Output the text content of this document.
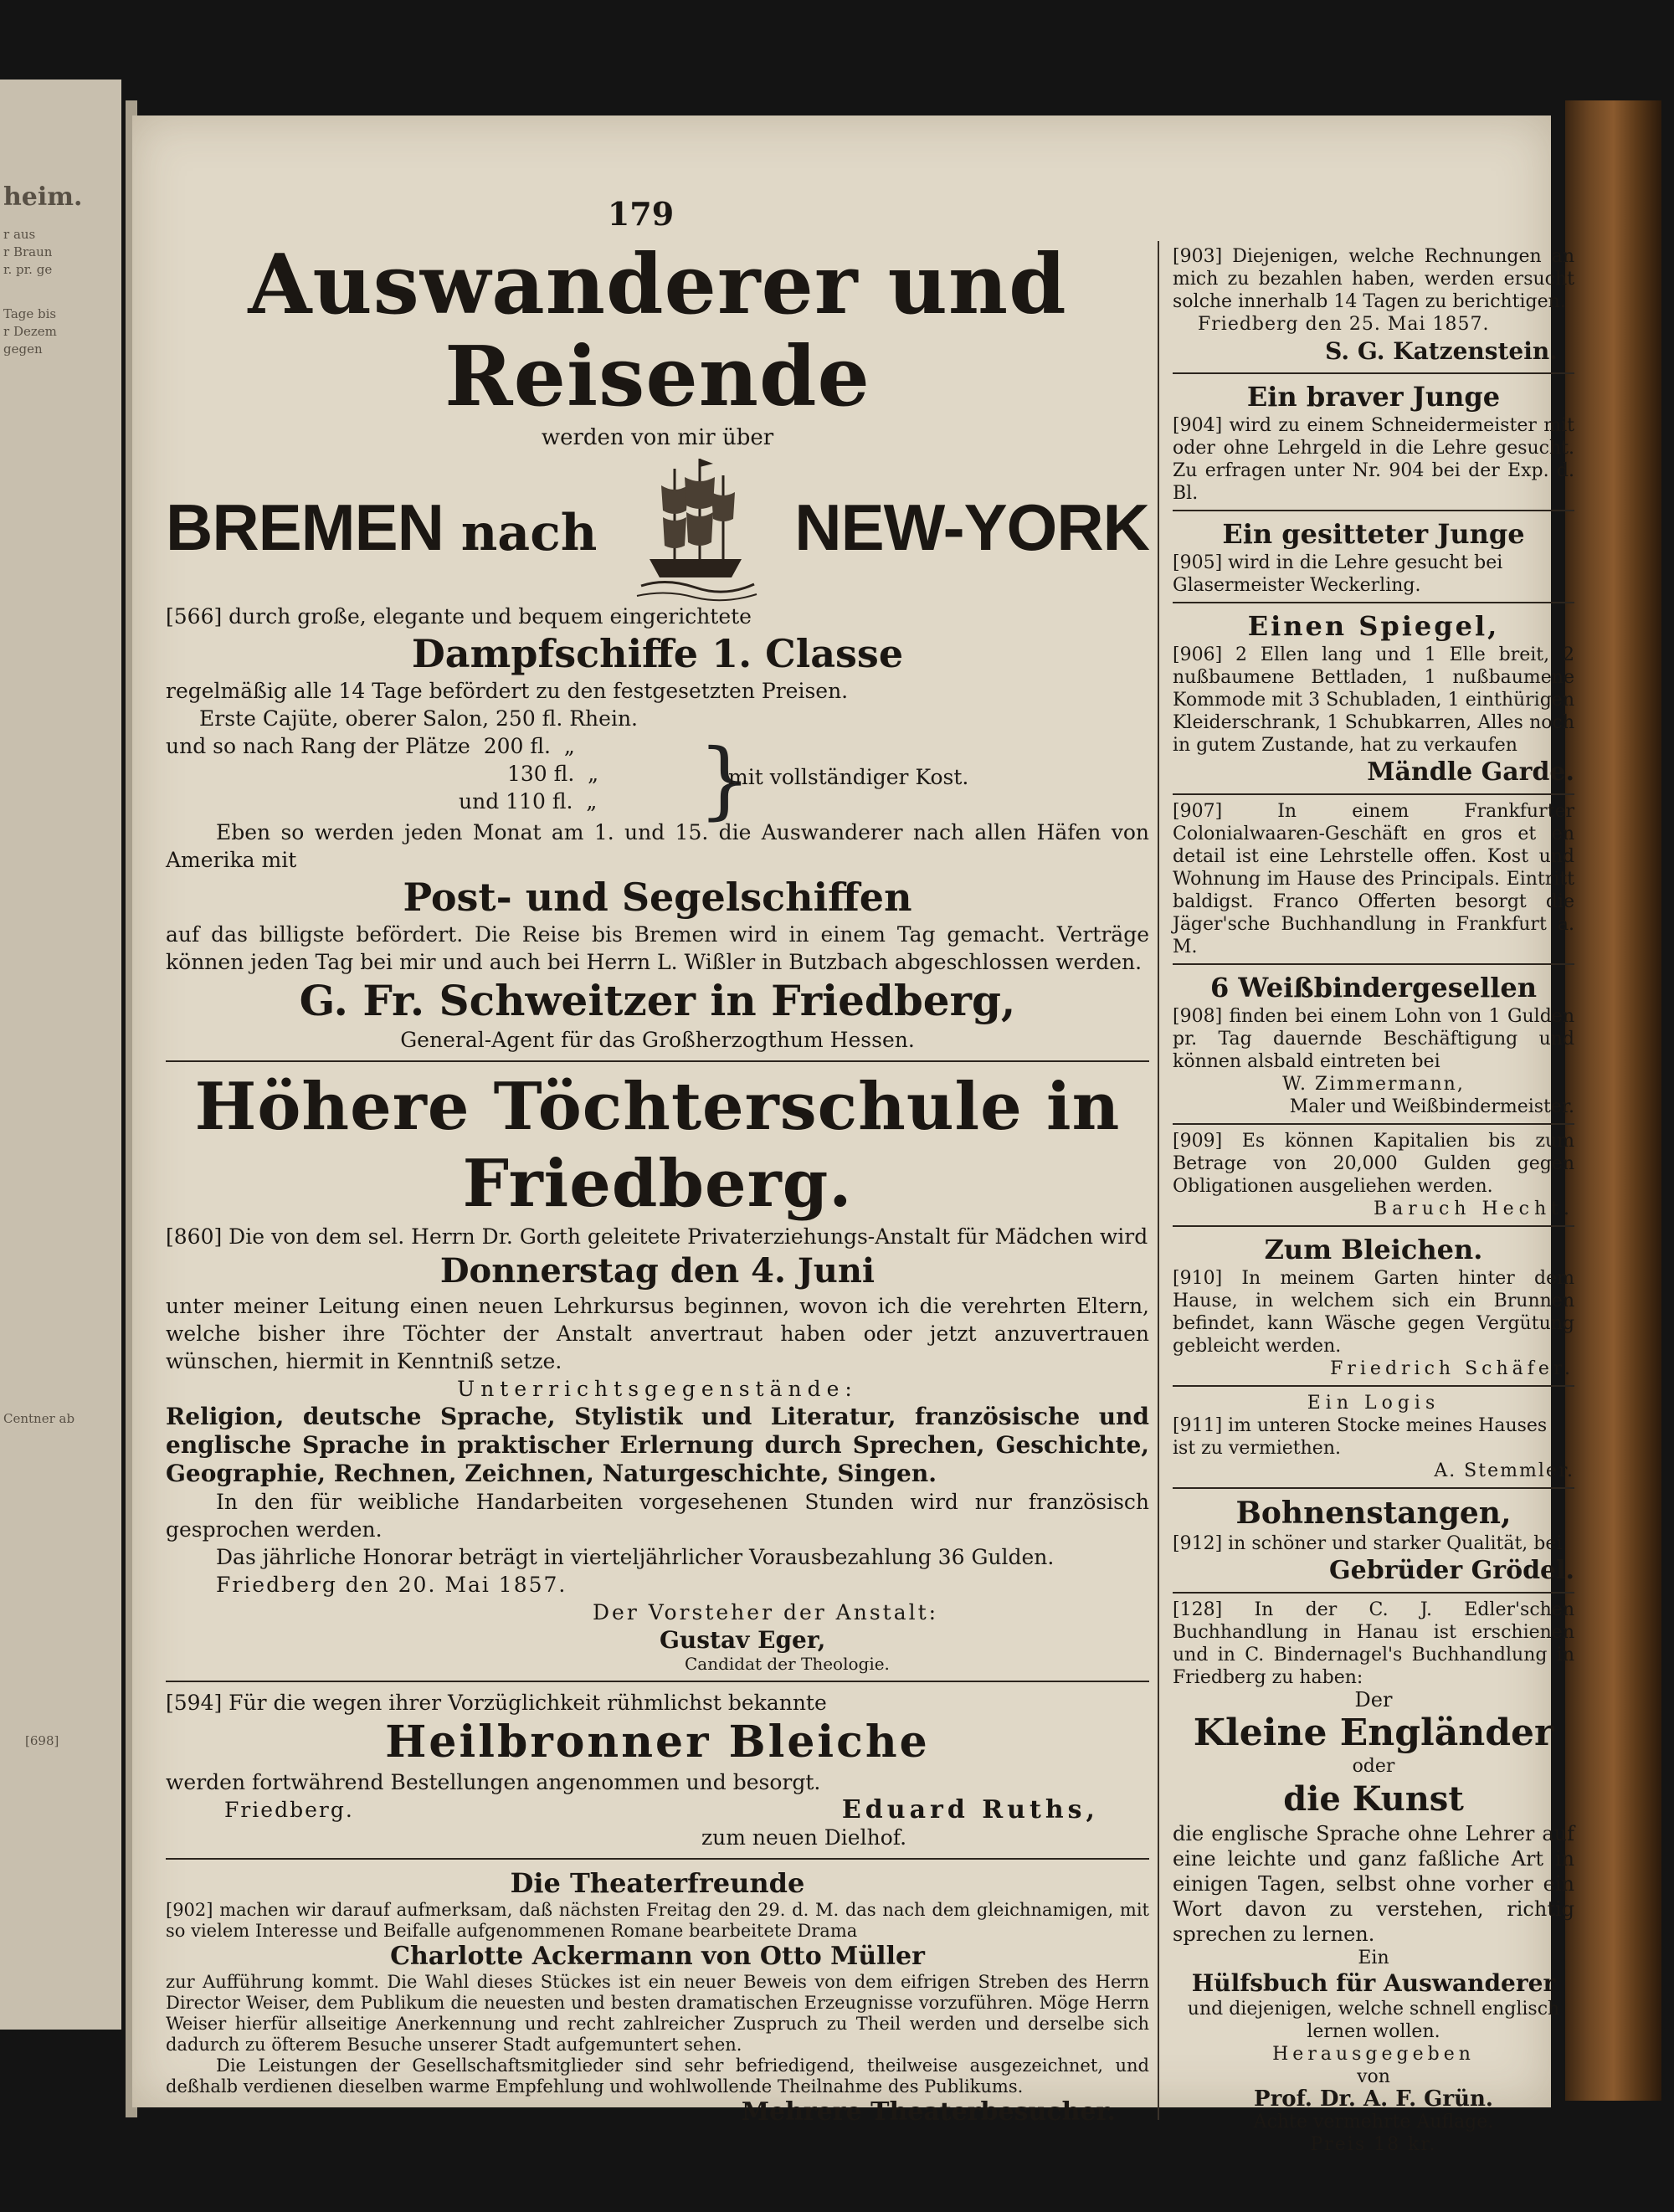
heim.
r aus
r Braun
r. pr. ge
Tage bis
r Dezem
gegen
Centner ab
[698]
179
Auswanderer und Reisende
werden von mir über
BREMEN nach	NEW-YORK

[566] durch große, elegante und bequem eingerichtete

Dampfschiffe 1. Classe

regelmäßig alle 14 Tage befördert zu den festgesetzten Preisen.

Erste Cajüte, oberer Salon, 250 fl. Rhein.
und so nach Rang der Plätze  200 fl.  „
130 fl.  „
und 110 fl.  „ }
mit vollständiger Kost.

Eben so werden jeden Monat am 1. und 15. die Auswanderer nach allen Häfen von Amerika mit

Post- und Segelschiffen

auf das billigste befördert. Die Reise bis Bremen wird in einem Tag gemacht. Verträge können jeden Tag bei mir und auch bei Herrn L. Wißler in Butzbach abgeschlossen werden.

G. Fr. Schweitzer in Friedberg,
General-Agent für das Großherzogthum Hessen.
Höhere Töchterschule in Friedberg.

[860] Die von dem sel. Herrn Dr. Gorth geleitete Privaterziehungs-Anstalt für Mädchen wird

Donnerstag den 4. Juni

unter meiner Leitung einen neuen Lehrkursus beginnen, wovon ich die verehrten Eltern, welche bisher ihre Töchter der Anstalt anvertraut haben oder jetzt anzuvertrauen wünschen, hiermit in Kenntniß setze.

Unterrichtsgegenstände:

Religion, deutsche Sprache, Stylistik und Literatur, französische und englische Sprache in praktischer Erlernung durch Sprechen, Geschichte, Geographie, Rechnen, Zeichnen, Naturgeschichte, Singen.

In den für weibliche Handarbeiten vorgesehenen Stunden wird nur französisch gesprochen werden.

Das jährliche Honorar beträgt in vierteljährlicher Vorausbezahlung 36 Gulden.

Friedberg den 20. Mai 1857.

Der Vorsteher der Anstalt:
Gustav Eger,
Candidat der Theologie.

[594] Für die wegen ihrer Vorzüglichkeit rühmlichst bekannte

Heilbronner Bleiche

werden fortwährend Bestellungen angenommen und besorgt.

Friedberg.	Eduard Ruths,
zum neuen Dielhof.
Die Theaterfreunde

[902] machen wir darauf aufmerksam, daß nächsten Freitag den 29. d. M. das nach dem gleichnamigen, mit so vielem Interesse und Beifalle aufgenommenen Romane bearbeitete Drama

Charlotte Ackermann von Otto Müller

zur Aufführung kommt. Die Wahl dieses Stückes ist ein neuer Beweis von dem eifrigen Streben des Herrn Director Weiser, dem Publikum die neuesten und besten dramatischen Erzeugnisse vorzuführen. Möge Herrn Weiser hierfür allseitige Anerkennung und recht zahlreicher Zuspruch zu Theil werden und derselbe sich dadurch zu öfterem Besuche unserer Stadt aufgemuntert sehen.

Die Leistungen der Gesellschaftsmitglieder sind sehr befriedigend, theilweise ausgezeichnet, und deßhalb verdienen dieselben warme Empfehlung und wohlwollende Theilnahme des Publikums.

Mehrere Theaterbesucher.

[903] Diejenigen, welche Rechnungen an mich zu bezahlen haben, werden ersucht solche innerhalb 14 Tagen zu berichtigen.

Friedberg den 25. Mai 1857.

S. G. Katzenstein.
Ein braver Junge

[904] wird zu einem Schneidermeister mit oder ohne Lehrgeld in die Lehre gesucht. Zu erfragen unter Nr. 904 bei der Exp. d. Bl.

Ein gesitteter Junge

[905] wird in die Lehre gesucht bei Glasermeister Weckerling.

Einen Spiegel,

[906] 2 Ellen lang und 1 Elle breit, 2 nußbaumene Bettladen, 1 nußbaumene Kommode mit 3 Schubladen, 1 einthürigen Kleiderschrank, 1 Schubkarren, Alles noch in gutem Zustande, hat zu verkaufen

Mändle Garde.

[907] In einem Frankfurter Colonialwaaren-Geschäft en gros et en detail ist eine Lehrstelle offen. Kost und Wohnung im Hause des Principals. Eintritt baldigst. Franco Offerten besorgt die Jäger'sche Buchhandlung in Frankfurt a. M.

6 Weißbindergesellen

[908] finden bei einem Lohn von 1 Gulden pr. Tag dauernde Beschäftigung und können alsbald eintreten bei

W. Zimmermann,
Maler und Weißbindermeister.

[909] Es können Kapitalien bis zum Betrage von 20,000 Gulden gegen Obligationen ausgeliehen werden.

Baruch Hecht.
Zum Bleichen.

[910] In meinem Garten hinter dem Hause, in welchem sich ein Brunnen befindet, kann Wäsche gegen Vergütung gebleicht werden.

Friedrich Schäfer.
Ein Logis

[911] im unteren Stocke meines Hauses ist zu vermiethen.

A. Stemmler.
Bohnenstangen,

[912] in schöner und starker Qualität, bei

Gebrüder Grödel.

[128] In der C. J. Edler'schen Buchhandlung in Hanau ist erschienen und in C. Bindernagel's Buchhandlung in Friedberg zu haben:

Der
Kleine Engländer
oder
die Kunst

die englische Sprache ohne Lehrer auf eine leichte und ganz faßliche Art in einigen Tagen, selbst ohne vorher ein Wort davon zu verstehen, richtig sprechen zu lernen.

Ein
Hülfsbuch für Auswanderer
und diejenigen, welche schnell englisch lernen wollen.
Herausgegeben
von
Prof. Dr. A. F. Grün.
Achte vermehrte Auflage.
Preis 18 kr.
